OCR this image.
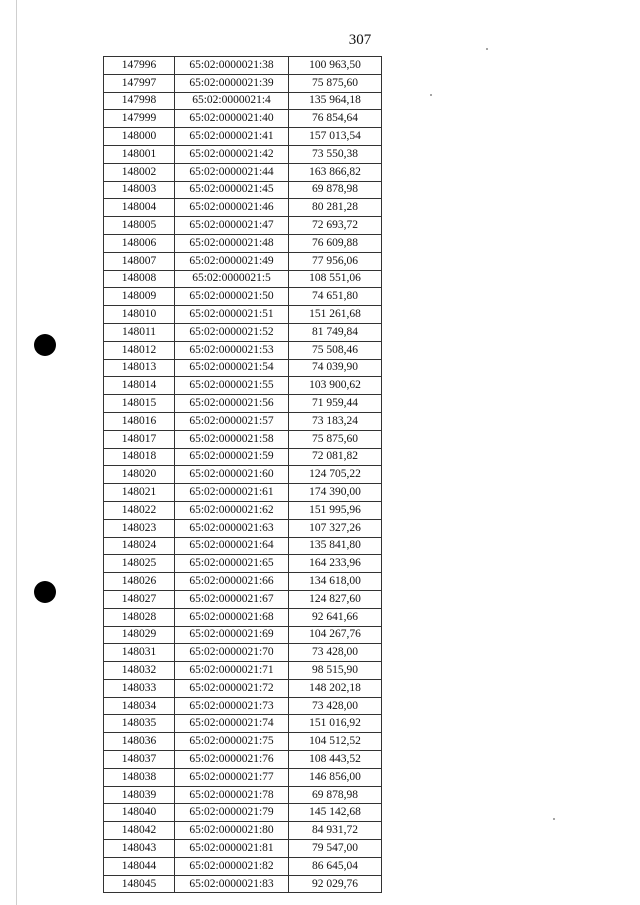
307
147996	65:02:0000021:38	100 963,50
147997	65:02:0000021:39	75 875,60
147998	65:02:0000021:4	135 964,18
147999	65:02:0000021:40	76 854,64
148000	65:02:0000021:41	157 013,54
148001	65:02:0000021:42	73 550,38
148002	65:02:0000021:44	163 866,82
148003	65:02:0000021:45	69 878,98
148004	65:02:0000021:46	80 281,28
148005	65:02:0000021:47	72 693,72
148006	65:02:0000021:48	76 609,88
148007	65:02:0000021:49	77 956,06
148008	65:02:0000021:5	108 551,06
148009	65:02:0000021:50	74 651,80
148010	65:02:0000021:51	151 261,68
148011	65:02:0000021:52	81 749,84
148012	65:02:0000021:53	75 508,46
148013	65:02:0000021:54	74 039,90
148014	65:02:0000021:55	103 900,62
148015	65:02:0000021:56	71 959,44
148016	65:02:0000021:57	73 183,24
148017	65:02:0000021:58	75 875,60
148018	65:02:0000021:59	72 081,82
148020	65:02:0000021:60	124 705,22
148021	65:02:0000021:61	174 390,00
148022	65:02:0000021:62	151 995,96
148023	65:02:0000021:63	107 327,26
148024	65:02:0000021:64	135 841,80
148025	65:02:0000021:65	164 233,96
148026	65:02:0000021:66	134 618,00
148027	65:02:0000021:67	124 827,60
148028	65:02:0000021:68	92 641,66
148029	65:02:0000021:69	104 267,76
148031	65:02:0000021:70	73 428,00
148032	65:02:0000021:71	98 515,90
148033	65:02:0000021:72	148 202,18
148034	65:02:0000021:73	73 428,00
148035	65:02:0000021:74	151 016,92
148036	65:02:0000021:75	104 512,52
148037	65:02:0000021:76	108 443,52
148038	65:02:0000021:77	146 856,00
148039	65:02:0000021:78	69 878,98
148040	65:02:0000021:79	145 142,68
148042	65:02:0000021:80	84 931,72
148043	65:02:0000021:81	79 547,00
148044	65:02:0000021:82	86 645,04
148045	65:02:0000021:83	92 029,76
